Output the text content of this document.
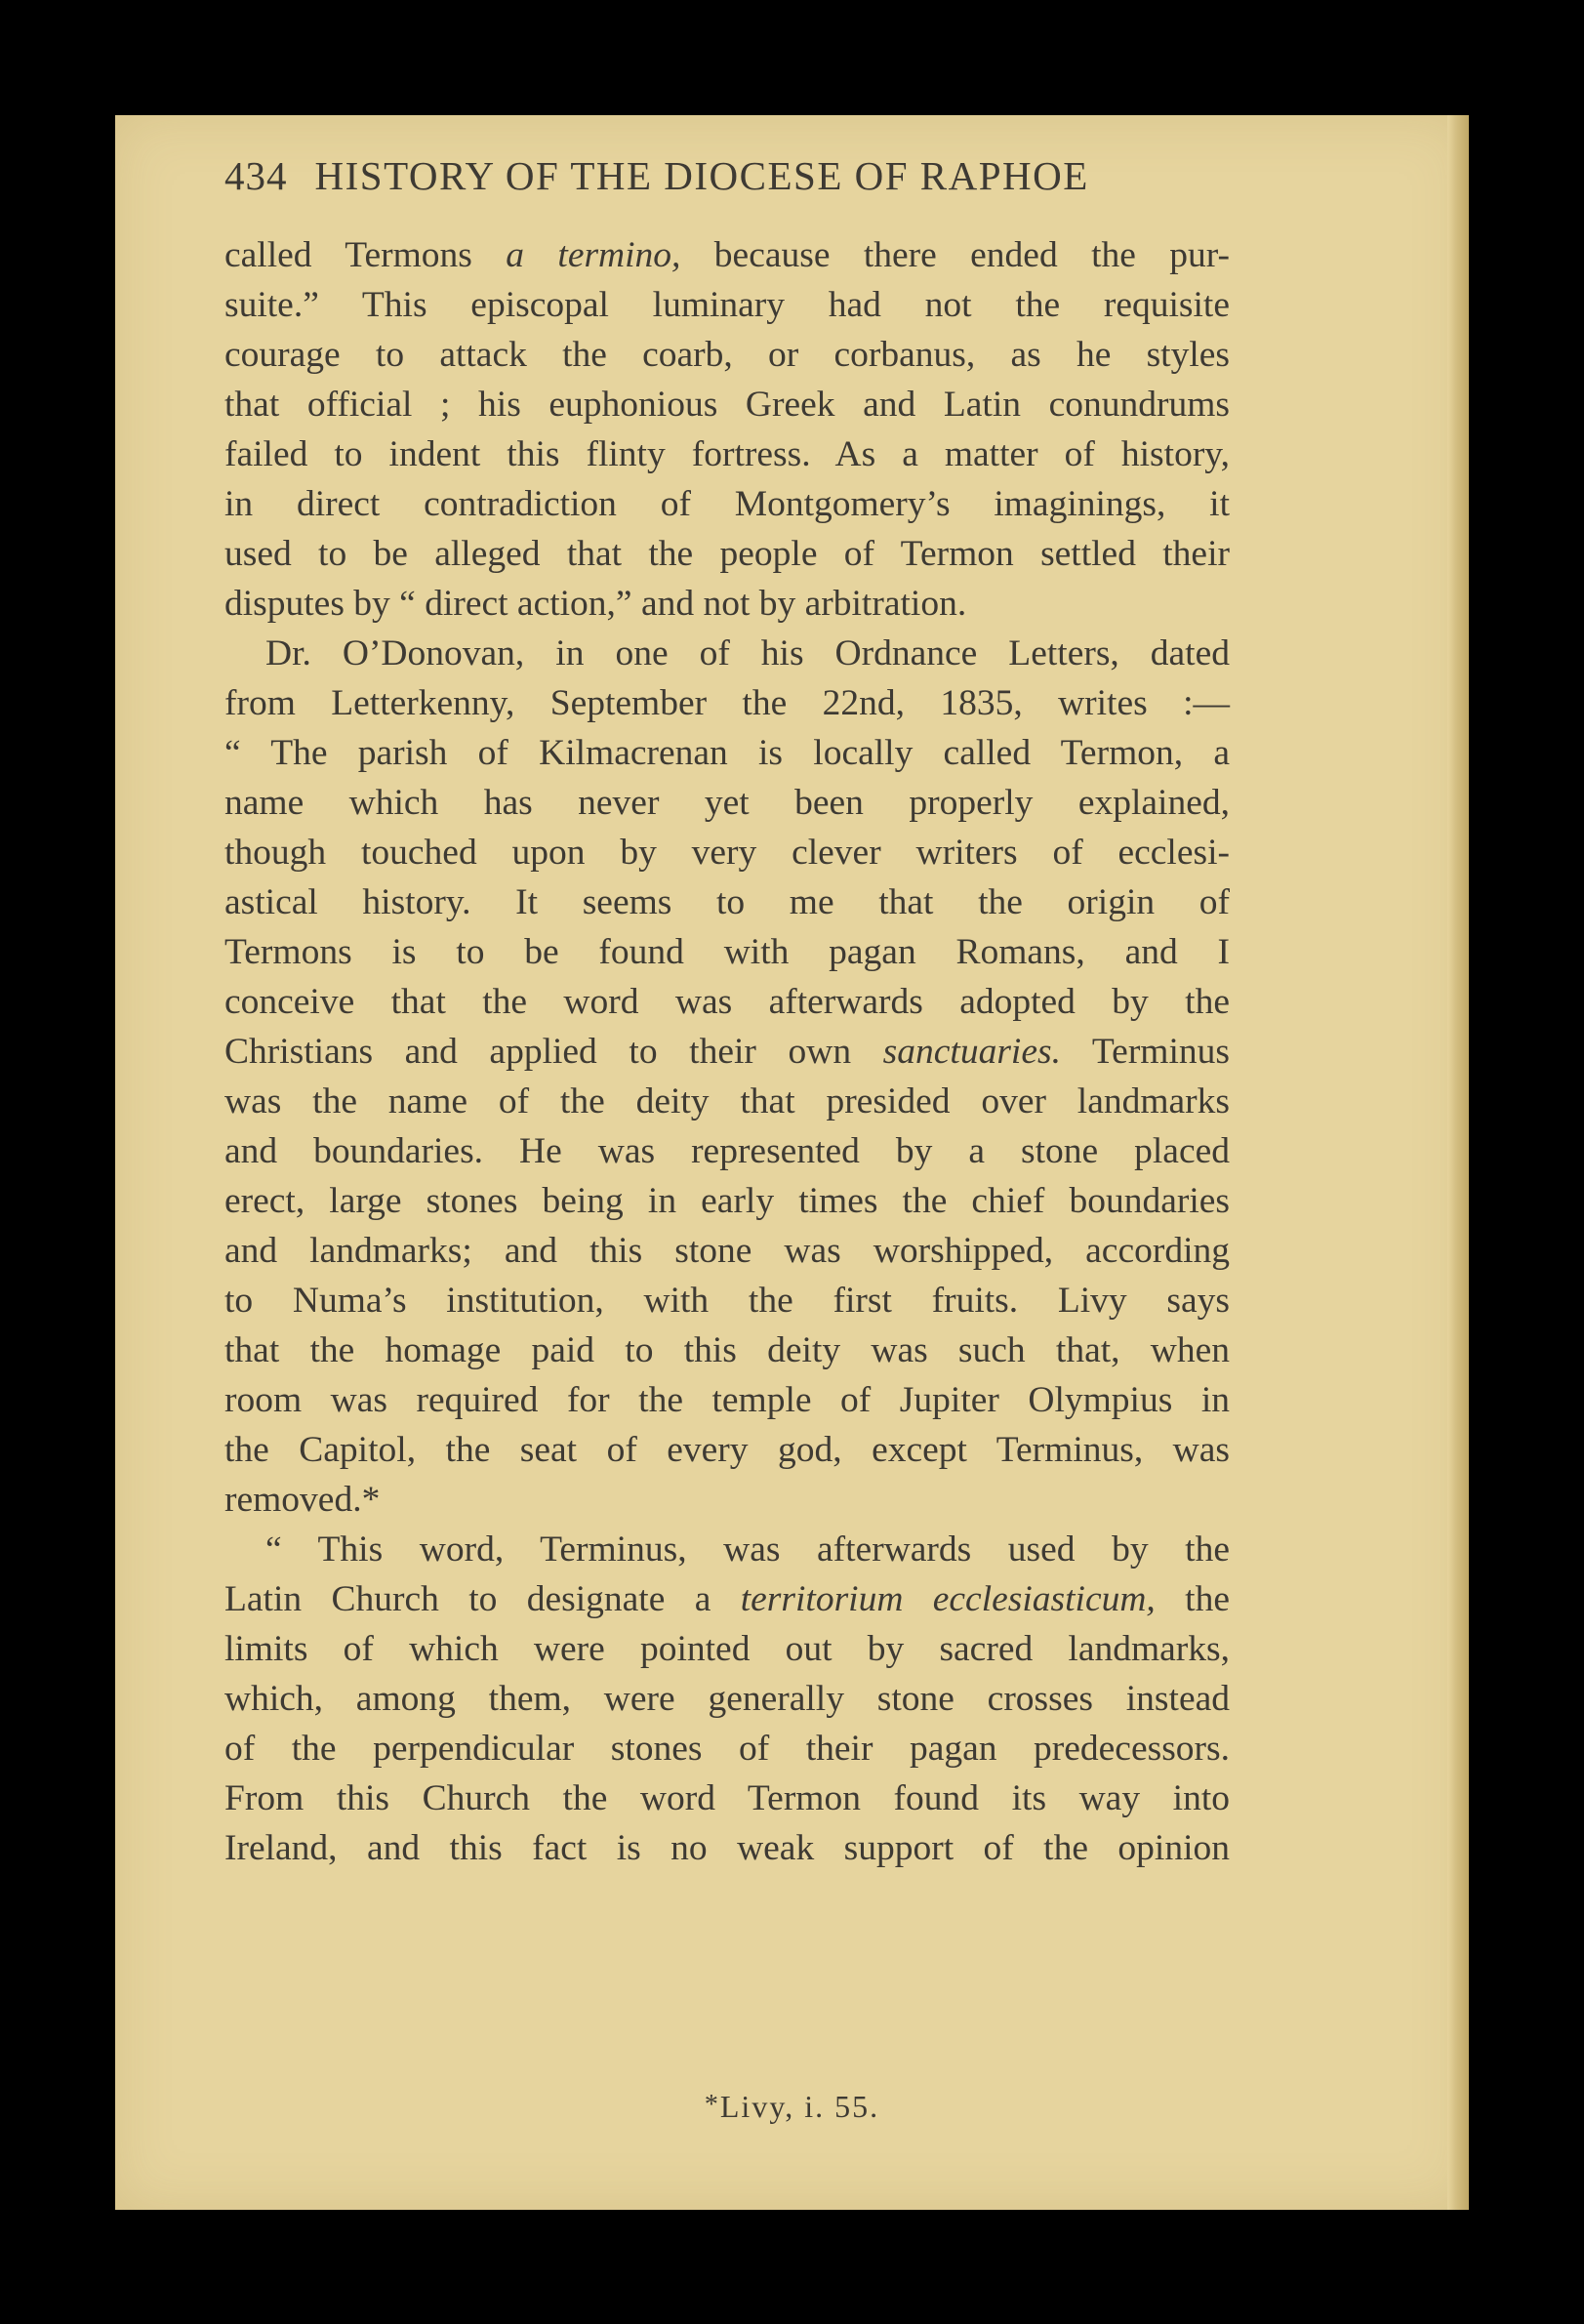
434 HISTORY OF THE DIOCESE OF RAPHOE
called Termons a termino, because there ended the pur-
suite.” This episcopal luminary had not the requisite
courage to attack the coarb, or corbanus, as he styles
that official ; his euphonious Greek and Latin conundrums
failed to indent this flinty fortress. As a matter of history,
in direct contradiction of Montgomery’s imaginings, it
used to be alleged that the people of Termon settled their
disputes by “ direct action,” and not by arbitration.
Dr. O’Donovan, in one of his Ordnance Letters, dated
from Letterkenny, September the 22nd, 1835, writes :—
“ The parish of Kilmacrenan is locally called Termon, a
name which has never yet been properly explained,
though touched upon by very clever writers of ecclesi-
astical history. It seems to me that the origin of
Termons is to be found with pagan Romans, and I
conceive that the word was afterwards adopted by the
Christians and applied to their own sanctuaries. Terminus
was the name of the deity that presided over landmarks
and boundaries. He was represented by a stone placed
erect, large stones being in early times the chief boundaries
and landmarks; and this stone was worshipped, according
to Numa’s institution, with the first fruits. Livy says
that the homage paid to this deity was such that, when
room was required for the temple of Jupiter Olympius in
the Capitol, the seat of every god, except Terminus, was
removed.*
“ This word, Terminus, was afterwards used by the
Latin Church to designate a territorium ecclesiasticum, the
limits of which were pointed out by sacred landmarks,
which, among them, were generally stone crosses instead
of the perpendicular stones of their pagan predecessors.
From this Church the word Termon found its way into
Ireland, and this fact is no weak support of the opinion
*Livy, i. 55.
